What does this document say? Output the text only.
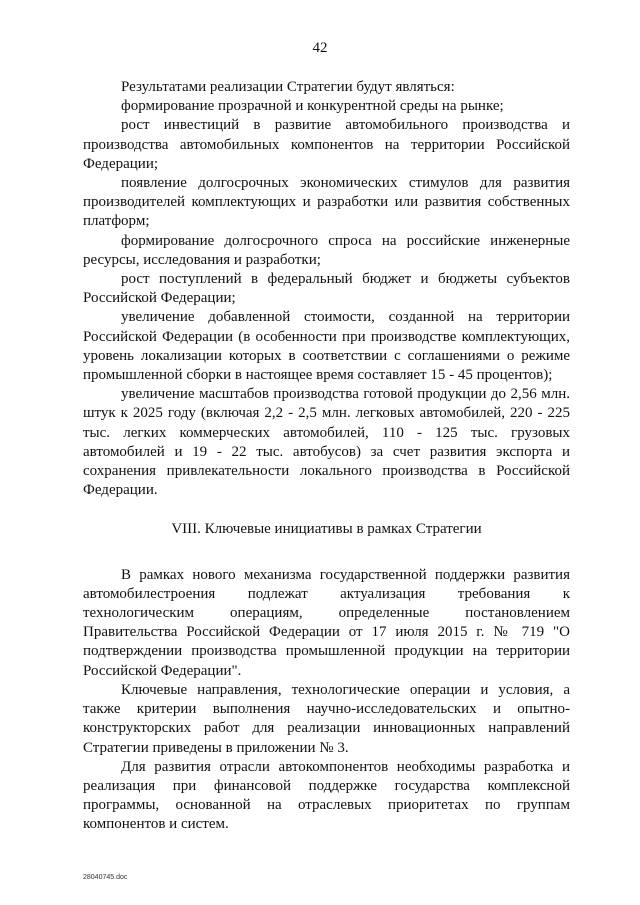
42

Результатами реализации Стратегии будут являться:

формирование прозрачной и конкурентной среды на рынке;

рост инвестиций в развитие автомобильного производства и производства автомобильных компонентов на территории Российской Федерации;

появление долгосрочных экономических стимулов для развития производителей комплектующих и разработки или развития собственных платформ;

формирование долгосрочного спроса на российские инженерные ресурсы, исследования и разработки;

рост поступлений в федеральный бюджет и бюджеты субъектов Российской Федерации;

увеличение добавленной стоимости, созданной на территории Российской Федерации (в особенности при производстве комплектующих, уровень локализации которых в соответствии с соглашениями о режиме промышленной сборки в настоящее время составляет 15 - 45 процентов);

увеличение масштабов производства готовой продукции до 2,56 млн. штук к 2025 году (включая 2,2 - 2,5 млн. легковых автомобилей, 220 - 225 тыс. легких коммерческих автомобилей, 110 - 125 тыс. грузовых автомобилей и 19 - 22 тыс. автобусов) за счет развития экспорта и сохранения привлекательности локального производства в Российской Федерации.

VIII. Ключевые инициативы в рамках Стратегии

В рамках нового механизма государственной поддержки развития автомобилестроения подлежат актуализация требования к технологическим операциям, определенные постановлением Правительства Российской Федерации от 17 июля 2015 г. № 719 "О подтверждении производства промышленной продукции на территории Российской Федерации".

Ключевые направления, технологические операции и условия, а также критерии выполнения научно-исследовательских и опытно-конструкторских работ для реализации инновационных направлений Стратегии приведены в приложении № 3.

Для развития отрасли автокомпонентов необходимы разработка и реализация при финансовой поддержке государства комплексной программы, основанной на отраслевых приоритетах по группам компонентов и систем.

28040745.doc
